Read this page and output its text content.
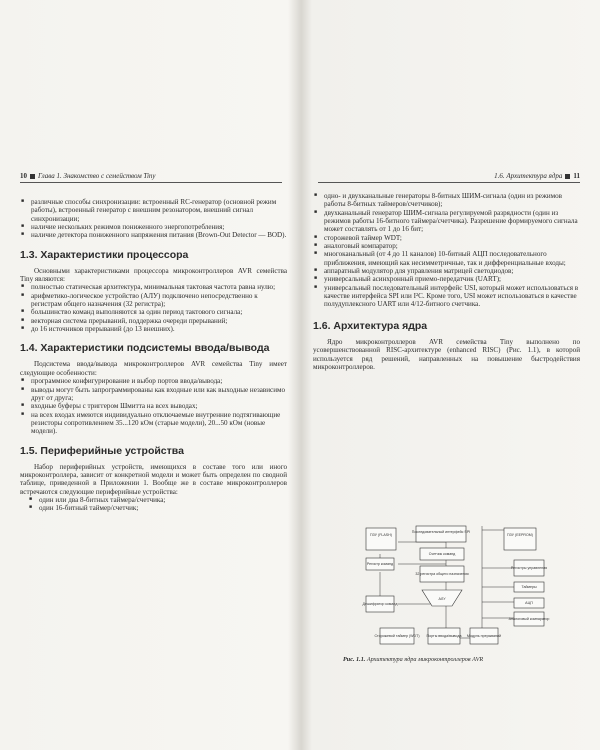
10 Глава 1. Знакомство с семейством Tiny
■ различные способы синхронизации: встроенный RC-генератор (основной режим работы), встроенный генератор с внешним резонатором, внешний сигнал синхронизации;
■ наличие нескольких режимов пониженного энергопотребления;
■ наличие детектора пониженного напряжения питания (Brown-Out Detector — BOD).
1.3. Характеристики процессора

Основными характеристиками процессора микроконтроллеров AVR семейства Tiny являются:

■ полностью статическая архитектура, минимальная тактовая частота равна нулю;
■ арифметико-логическое устройство (АЛУ) подключено непосредственно к регистрам общего назначения (32 регистра);
■ большинство команд выполняются за один период тактового сигнала;
■ векторная система прерываний, поддержка очереди прерываний;
■ до 16 источников прерываний (до 13 внешних).
1.4. Характеристики подсистемы ввода/вывода

Подсистема ввода/вывода микроконтроллеров AVR семейства Tiny имеет следующие особенности:

■ программное конфигурирование и выбор портов ввода/вывода;
■ выводы могут быть запрограммированы как входные или как выходные независимо друг от друга;
■ входные буферы с триггером Шмитта на всех выводах;
■ на всех входах имеются индивидуально отключаемые внутренние подтягивающие резисторы сопротивлением 35...120 кОм (старые модели), 20...50 кОм (новые модели).
1.5. Периферийные устройства

Набор периферийных устройств, имеющихся в составе того или иного микроконтроллера, зависит от конкретной модели и может быть определен по сводной таблице, приведенной в Приложении 1. Вообще же в составе микроконтроллеров встречаются следующие периферийные устройства:

■ один или два 8-битных таймера/счетчика;
■ один 16-битный таймер/счетчик;
1.6. Архитектура ядра 11
■ одно- и двухканальные генераторы 8-битных ШИМ-сигнала (один из режимов работы 8-битных таймеров/счетчиков);
■ двухканальный генератор ШИМ-сигнала регулируемой разрядности (один из режимов работы 16-битного таймера/счетчика). Разрешение формируемого сигнала может составлять от 1 до 16 бит;
■ сторожевой таймер WDT;
■ аналоговый компаратор;
■ многоканальный (от 4 до 11 каналов) 10-битный АЦП последовательного приближения, имеющий как несимметричные, так и дифференциальные входы;
■ аппаратный модулятор для управления матрицей светодиодов;
■ универсальный асинхронный приемо-передатчик (UART);
■ универсальный последовательный интерфейс USI, который может использоваться в качестве интерфейса SPI или I²C. Кроме того, USI может использоваться в качестве полудуплексного UART или 4/12-битного счетчика.
1.6. Архитектура ядра

Ядро микроконтроллеров AVR семейства Tiny выполнено по усовершенствованной RISC-архитектуре (enhanced RISC) (Рис. 1.1), в которой используется ряд решений, направленных на повышение быстродействия микроконтроллеров.

ПЗУ (FLASH)
Последовательный интерфейс SPI
ПЗУ (EEPROM)
Счетчик команд
Регистр команд
32 регистра общего назначения
Регистры управления
Таймеры
Дешифратор команд
АЛУ
АЦП
Аналоговый компаратор
Сторожевой таймер (WDT) Порты ввода/вывода Модуль прерываний
Рис. 1.1. Архитектура ядра микроконтроллеров AVR
